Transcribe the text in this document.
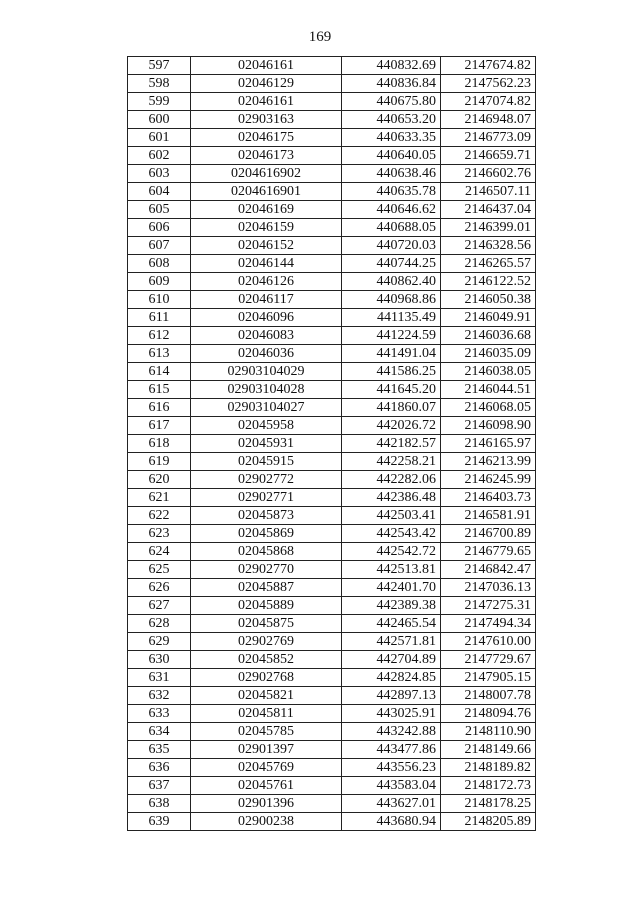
169
597	02046161	440832.69	2147674.82
598	02046129	440836.84	2147562.23
599	02046161	440675.80	2147074.82
600	02903163	440653.20	2146948.07
601	02046175	440633.35	2146773.09
602	02046173	440640.05	2146659.71
603	0204616902	440638.46	2146602.76
604	0204616901	440635.78	2146507.11
605	02046169	440646.62	2146437.04
606	02046159	440688.05	2146399.01
607	02046152	440720.03	2146328.56
608	02046144	440744.25	2146265.57
609	02046126	440862.40	2146122.52
610	02046117	440968.86	2146050.38
611	02046096	441135.49	2146049.91
612	02046083	441224.59	2146036.68
613	02046036	441491.04	2146035.09
614	02903104029	441586.25	2146038.05
615	02903104028	441645.20	2146044.51
616	02903104027	441860.07	2146068.05
617	02045958	442026.72	2146098.90
618	02045931	442182.57	2146165.97
619	02045915	442258.21	2146213.99
620	02902772	442282.06	2146245.99
621	02902771	442386.48	2146403.73
622	02045873	442503.41	2146581.91
623	02045869	442543.42	2146700.89
624	02045868	442542.72	2146779.65
625	02902770	442513.81	2146842.47
626	02045887	442401.70	2147036.13
627	02045889	442389.38	2147275.31
628	02045875	442465.54	2147494.34
629	02902769	442571.81	2147610.00
630	02045852	442704.89	2147729.67
631	02902768	442824.85	2147905.15
632	02045821	442897.13	2148007.78
633	02045811	443025.91	2148094.76
634	02045785	443242.88	2148110.90
635	02901397	443477.86	2148149.66
636	02045769	443556.23	2148189.82
637	02045761	443583.04	2148172.73
638	02901396	443627.01	2148178.25
639	02900238	443680.94	2148205.89
